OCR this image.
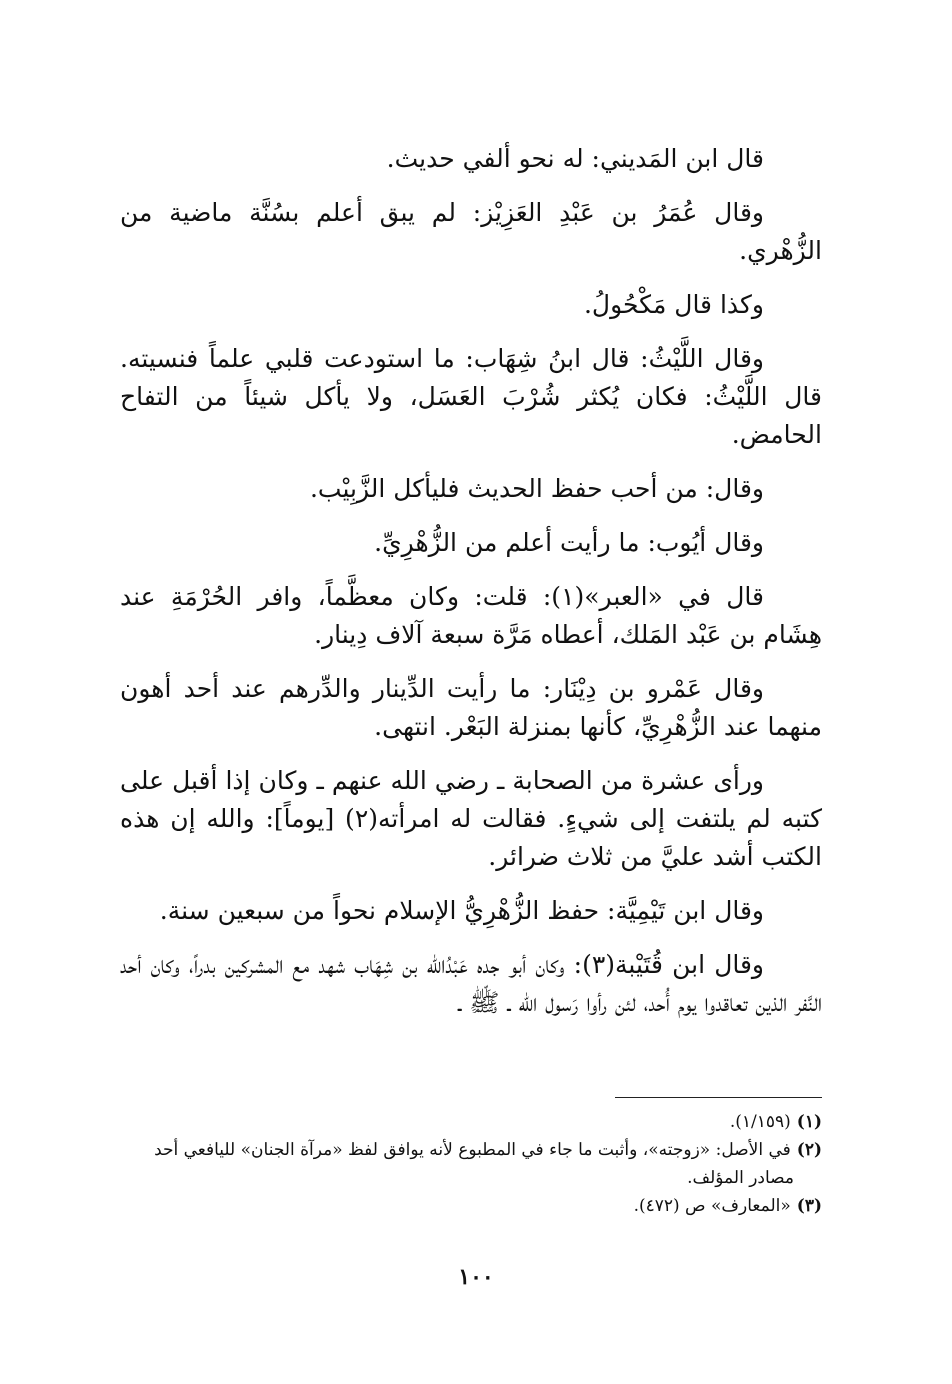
قال ابن المَديني: له نحو ألفي حديث.

وقال عُمَرُ بن عَبْدِ العَزِيْز: لم يبق أعلم بسُنَّة ماضية من الزُّهْري.

وكذا قال مَكْحُولُ.

وقال اللَّيْثُ: قال ابنُ شِهَاب: ما استودعت قلبي علماً فنسيته. قال اللَّيْثُ: فكان يُكثر شُرْبَ العَسَل، ولا يأكل شيئاً من التفاح الحامض.

وقال: من أحب حفظ الحديث فليأكل الزَّبِيْب.

وقال أيُوب: ما رأيت أعلم من الزُّهْرِيِّ.

قال في «العبر»(١): قلت: وكان معظَّماً، وافر الحُرْمَةِ عند هِشَام بن عَبْد المَلك، أعطاه مَرَّة سبعة آلاف دِينار.

وقال عَمْرو بن دِيْنَار: ما رأيت الدِّينار والدِّرهم عند أحد أهون منهما عند الزُّهْرِيِّ، كأنها بمنزلة البَعْر. انتهى.

ورأى عشرة من الصحابة ـ رضي الله عنهم ـ وكان إذا أقبل على كتبه لم يلتفت إلى شيءٍ. فقالت له امرأته(٢) [يوماً]: والله إن هذه الكتب أشد عليَّ من ثلاث ضرائر.

وقال ابن تَيْمِيَّة: حفظ الزُّهْرِيُّ الإسلام نحواً من سبعين سنة.

وقال ابن قُتَيْبة(٣): وكان أبو جده عَبْدُالله بن شِهَاب شهد مع المشركين بدراً، وكان أحد النَّفر الذين تعاقدوا يوم أُحد، لئن رأوا رَسول الله ـ ﷺ ـ

(١)(١/١٥٩).

(٢)في الأصل: «زوجته»، وأثبت ما جاء في المطبوع لأنه يوافق لفظ «مرآة الجنان» لليافعي أحد

مصادر المؤلف.

(٣)«المعارف» ص (٤٧٢).

١٠٠
